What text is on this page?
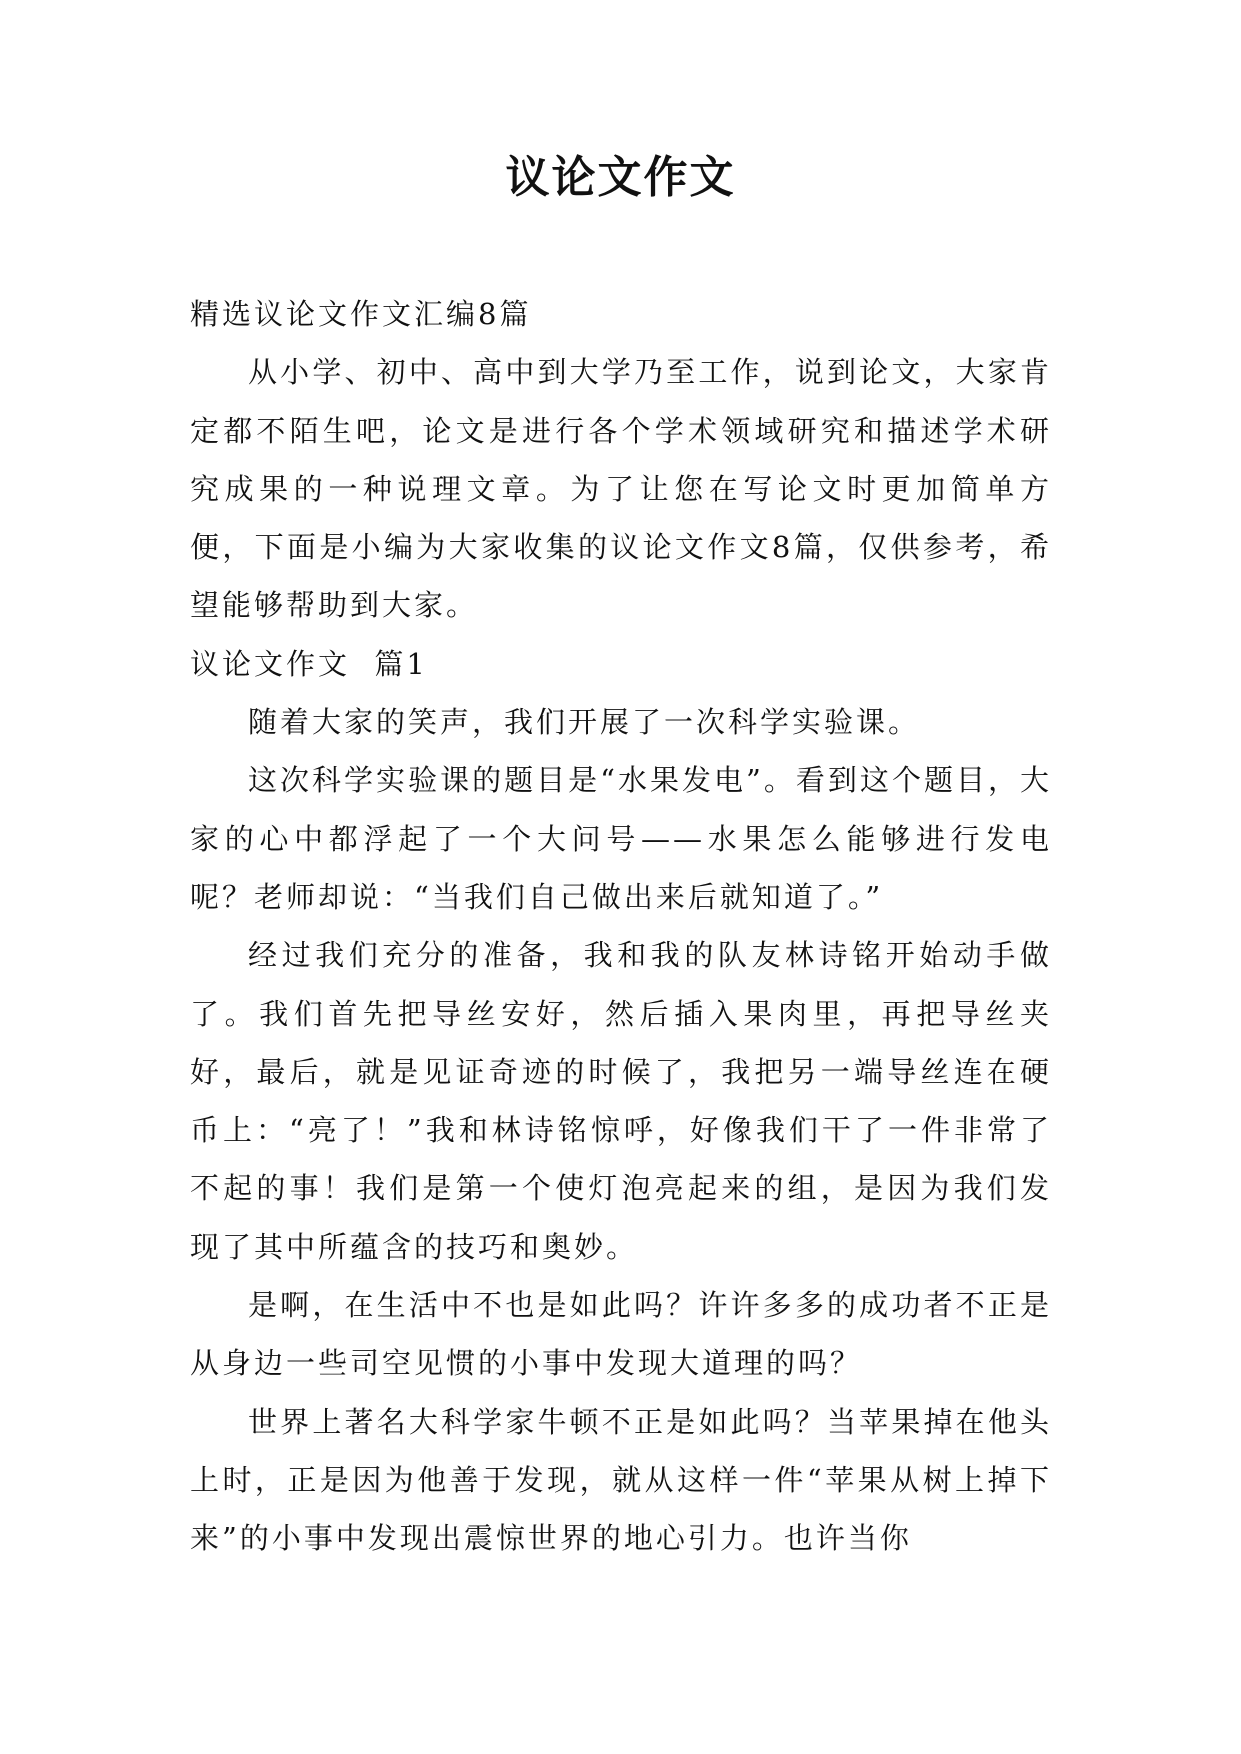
议论文作文

精选议论文作文汇编8篇

从小学、初中、高中到大学乃至工作，说到论文，大家肯定都不陌生吧，论文是进行各个学术领域研究和描述学术研究成果的一种说理文章。为了让您在写论文时更加简单方便，下面是小编为大家收集的议论文作文8篇，仅供参考，希望能够帮助到大家。

议论文作文  篇1

随着大家的笑声，我们开展了一次科学实验课。

这次科学实验课的题目是“水果发电”。看到这个题目，大家的心中都浮起了一个大问号——水果怎么能够进行发电呢？老师却说：“当我们自己做出来后就知道了。”

经过我们充分的准备，我和我的队友林诗铭开始动手做了。我们首先把导丝安好，然后插入果肉里，再把导丝夹好，最后，就是见证奇迹的时候了，我把另一端导丝连在硬币上：“亮了！”我和林诗铭惊呼，好像我们干了一件非常了不起的事！我们是第一个使灯泡亮起来的组，是因为我们发现了其中所蕴含的技巧和奥妙。

是啊，在生活中不也是如此吗？许许多多的成功者不正是从身边一些司空见惯的小事中发现大道理的吗？

世界上著名大科学家牛顿不正是如此吗？当苹果掉在他头上时，正是因为他善于发现，就从这样一件“苹果从树上掉下来”的小事中发现出震惊世界的地心引力。也许当你
